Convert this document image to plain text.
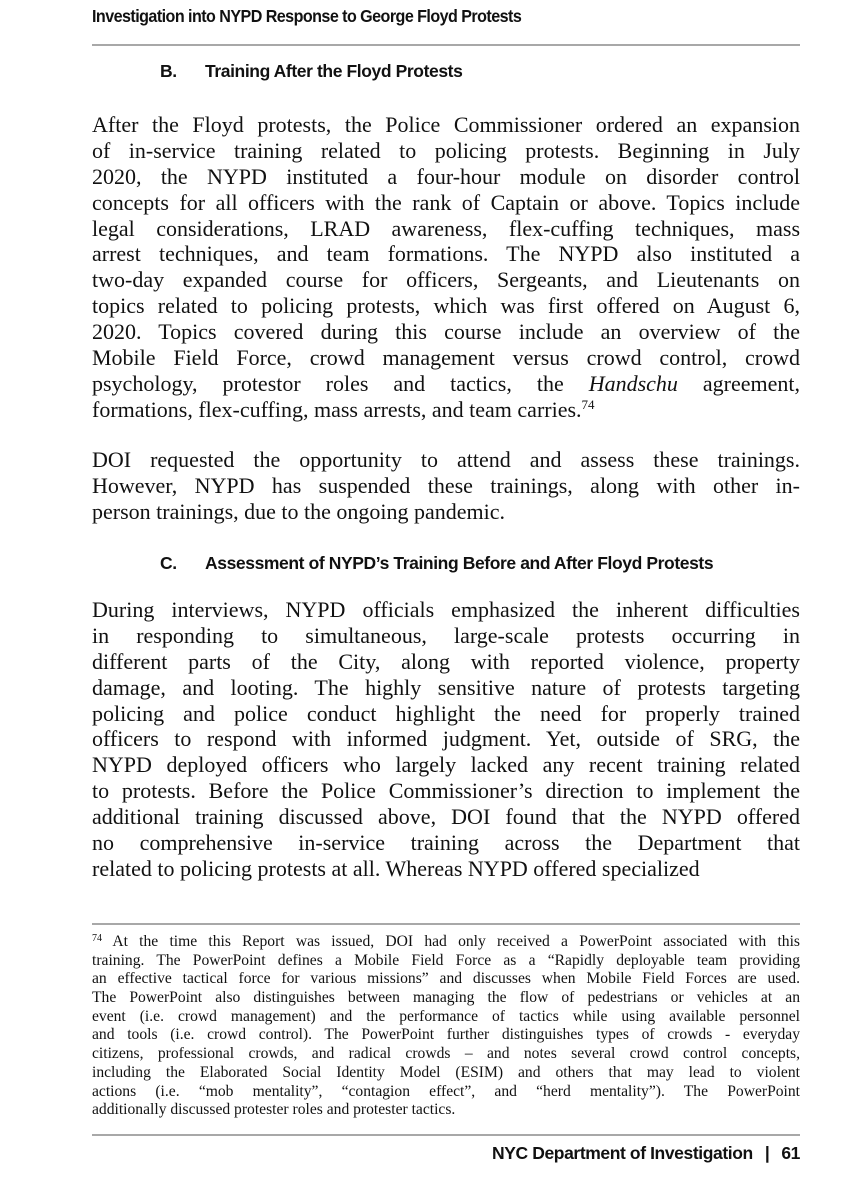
Investigation into NYPD Response to George Floyd Protests
B. Training After the Floyd Protests
After the Floyd protests, the Police Commissioner ordered an expansion
of in-service training related to policing protests. Beginning in July
2020, the NYPD instituted a four-hour module on disorder control
concepts for all officers with the rank of Captain or above. Topics include
legal considerations, LRAD awareness, flex-cuffing techniques, mass
arrest techniques, and team formations. The NYPD also instituted a
two-day expanded course for officers, Sergeants, and Lieutenants on
topics related to policing protests, which was first offered on August 6,
2020. Topics covered during this course include an overview of the
Mobile Field Force, crowd management versus crowd control, crowd
psychology, protestor roles and tactics, the Handschu agreement,
formations, flex-cuffing, mass arrests, and team carries.$^{74}$
DOI requested the opportunity to attend and assess these trainings.
However, NYPD has suspended these trainings, along with other in-
person trainings, due to the ongoing pandemic.
C. Assessment of NYPD’s Training Before and After Floyd Protests
During interviews, NYPD officials emphasized the inherent difficulties
in responding to simultaneous, large-scale protests occurring in
different parts of the City, along with reported violence, property
damage, and looting. The highly sensitive nature of protests targeting
policing and police conduct highlight the need for properly trained
officers to respond with informed judgment. Yet, outside of SRG, the
NYPD deployed officers who largely lacked any recent training related
to protests. Before the Police Commissioner’s direction to implement the
additional training discussed above, DOI found that the NYPD offered
no comprehensive in-service training across the Department that
related to policing protests at all. Whereas NYPD offered specialized
$^{74}$ At the time this Report was issued, DOI had only received a PowerPoint associated with this
training. The PowerPoint defines a Mobile Field Force as a “Rapidly deployable team providing
an effective tactical force for various missions” and discusses when Mobile Field Forces are used.
The PowerPoint also distinguishes between managing the flow of pedestrians or vehicles at an
event (i.e. crowd management) and the performance of tactics while using available personnel
and tools (i.e. crowd control). The PowerPoint further distinguishes types of crowds - everyday
citizens, professional crowds, and radical crowds – and notes several crowd control concepts,
including the Elaborated Social Identity Model (ESIM) and others that may lead to violent
actions (i.e. “mob mentality”, “contagion effect”, and “herd mentality”). The PowerPoint
additionally discussed protester roles and protester tactics.
NYC Department of Investigation | 61
